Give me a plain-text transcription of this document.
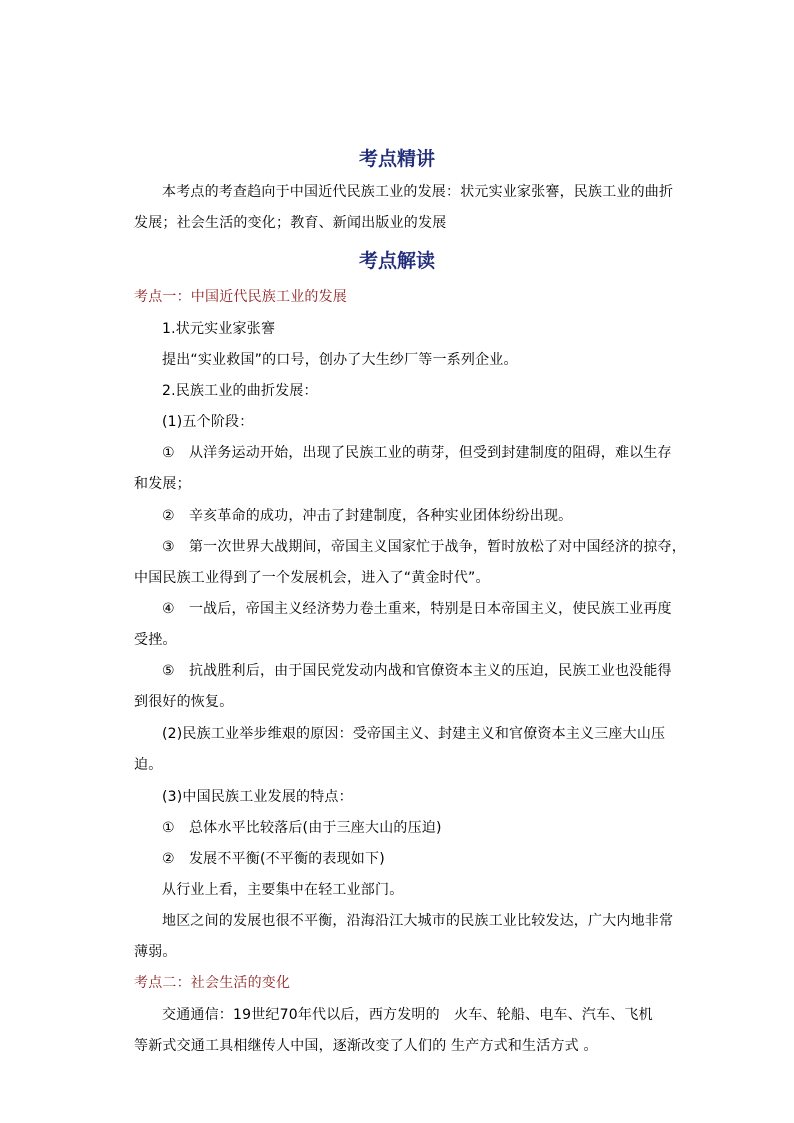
考点精讲
本考点的考查趋向于中国近代民族工业的发展：状元实业家张謇，民族工业的曲折
发展；社会生活的变化；教育、新闻出版业的发展
考点解读
考点一：中国近代民族工业的发展
1.状元实业家张謇
提出“实业救国”的口号，创办了大生纱厂等一系列企业。
2.民族工业的曲折发展：
(1)五个阶段：
①　从洋务运动开始，出现了民族工业的萌芽，但受到封建制度的阻碍，难以生存
和发展；
②　辛亥革命的成功，冲击了封建制度，各种实业团体纷纷出现。
③　第一次世界大战期间，帝国主义国家忙于战争，暂时放松了对中国经济的掠夺，
中国民族工业得到了一个发展机会，进入了“黄金时代”。
④　一战后，帝国主义经济势力卷土重来，特别是日本帝国主义，使民族工业再度
受挫。
⑤　抗战胜利后，由于国民党发动内战和官僚资本主义的压迫，民族工业也没能得
到很好的恢复。
(2)民族工业举步维艰的原因：受帝国主义、封建主义和官僚资本主义三座大山压
迫。
(3)中国民族工业发展的特点：
①　总体水平比较落后(由于三座大山的压迫)
②　发展不平衡(不平衡的表现如下)
从行业上看，主要集中在轻工业部门。
地区之间的发展也很不平衡，沿海沿江大城市的民族工业比较发达，广大内地非常
薄弱。
考点二：社会生活的变化
交通通信：19世纪70年代以后，西方发明的　火车、轮船、电车、汽车、飞机
等新式交通工具相继传人中国，逐渐改变了人们的 生产方式和生活方式 。
